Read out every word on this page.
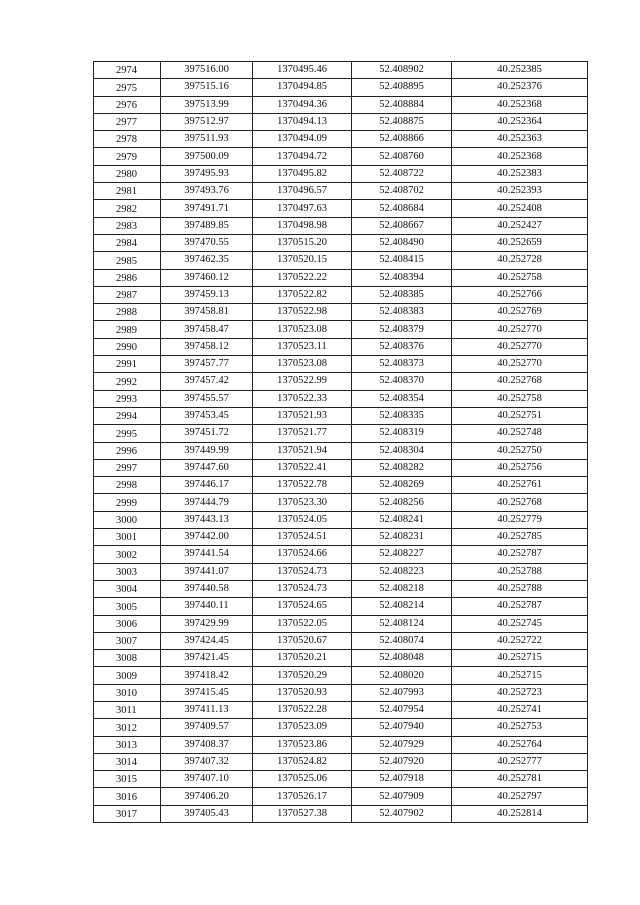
2974	397516.00	1370495.46	52.408902	40.252385
2975	397515.16	1370494.85	52.408895	40.252376
2976	397513.99	1370494.36	52.408884	40.252368
2977	397512.97	1370494.13	52.408875	40.252364
2978	397511.93	1370494.09	52.408866	40.252363
2979	397500.09	1370494.72	52.408760	40.252368
2980	397495.93	1370495.82	52.408722	40.252383
2981	397493.76	1370496.57	52.408702	40.252393
2982	397491.71	1370497.63	52.408684	40.252408
2983	397489.85	1370498.98	52.408667	40.252427
2984	397470.55	1370515.20	52.408490	40.252659
2985	397462.35	1370520.15	52.408415	40.252728
2986	397460.12	1370522.22	52.408394	40.252758
2987	397459.13	1370522.82	52.408385	40.252766
2988	397458.81	1370522.98	52.408383	40.252769
2989	397458.47	1370523.08	52.408379	40.252770
2990	397458.12	1370523.11	52.408376	40.252770
2991	397457.77	1370523.08	52.408373	40.252770
2992	397457.42	1370522.99	52.408370	40.252768
2993	397455.57	1370522.33	52.408354	40.252758
2994	397453.45	1370521.93	52.408335	40.252751
2995	397451.72	1370521.77	52.408319	40.252748
2996	397449.99	1370521.94	52.408304	40.252750
2997	397447.60	1370522.41	52.408282	40.252756
2998	397446.17	1370522.78	52.408269	40.252761
2999	397444.79	1370523.30	52.408256	40.252768
3000	397443.13	1370524.05	52.408241	40.252779
3001	397442.00	1370524.51	52.408231	40.252785
3002	397441.54	1370524.66	52.408227	40.252787
3003	397441.07	1370524.73	52.408223	40.252788
3004	397440.58	1370524.73	52.408218	40.252788
3005	397440.11	1370524.65	52.408214	40.252787
3006	397429.99	1370522.05	52.408124	40.252745
3007	397424.45	1370520.67	52.408074	40.252722
3008	397421.45	1370520.21	52.408048	40.252715
3009	397418.42	1370520.29	52.408020	40.252715
3010	397415.45	1370520.93	52.407993	40.252723
3011	397411.13	1370522.28	52.407954	40.252741
3012	397409.57	1370523.09	52.407940	40.252753
3013	397408.37	1370523.86	52.407929	40.252764
3014	397407.32	1370524.82	52.407920	40.252777
3015	397407.10	1370525.06	52.407918	40.252781
3016	397406.20	1370526.17	52.407909	40.252797
3017	397405.43	1370527.38	52.407902	40.252814
